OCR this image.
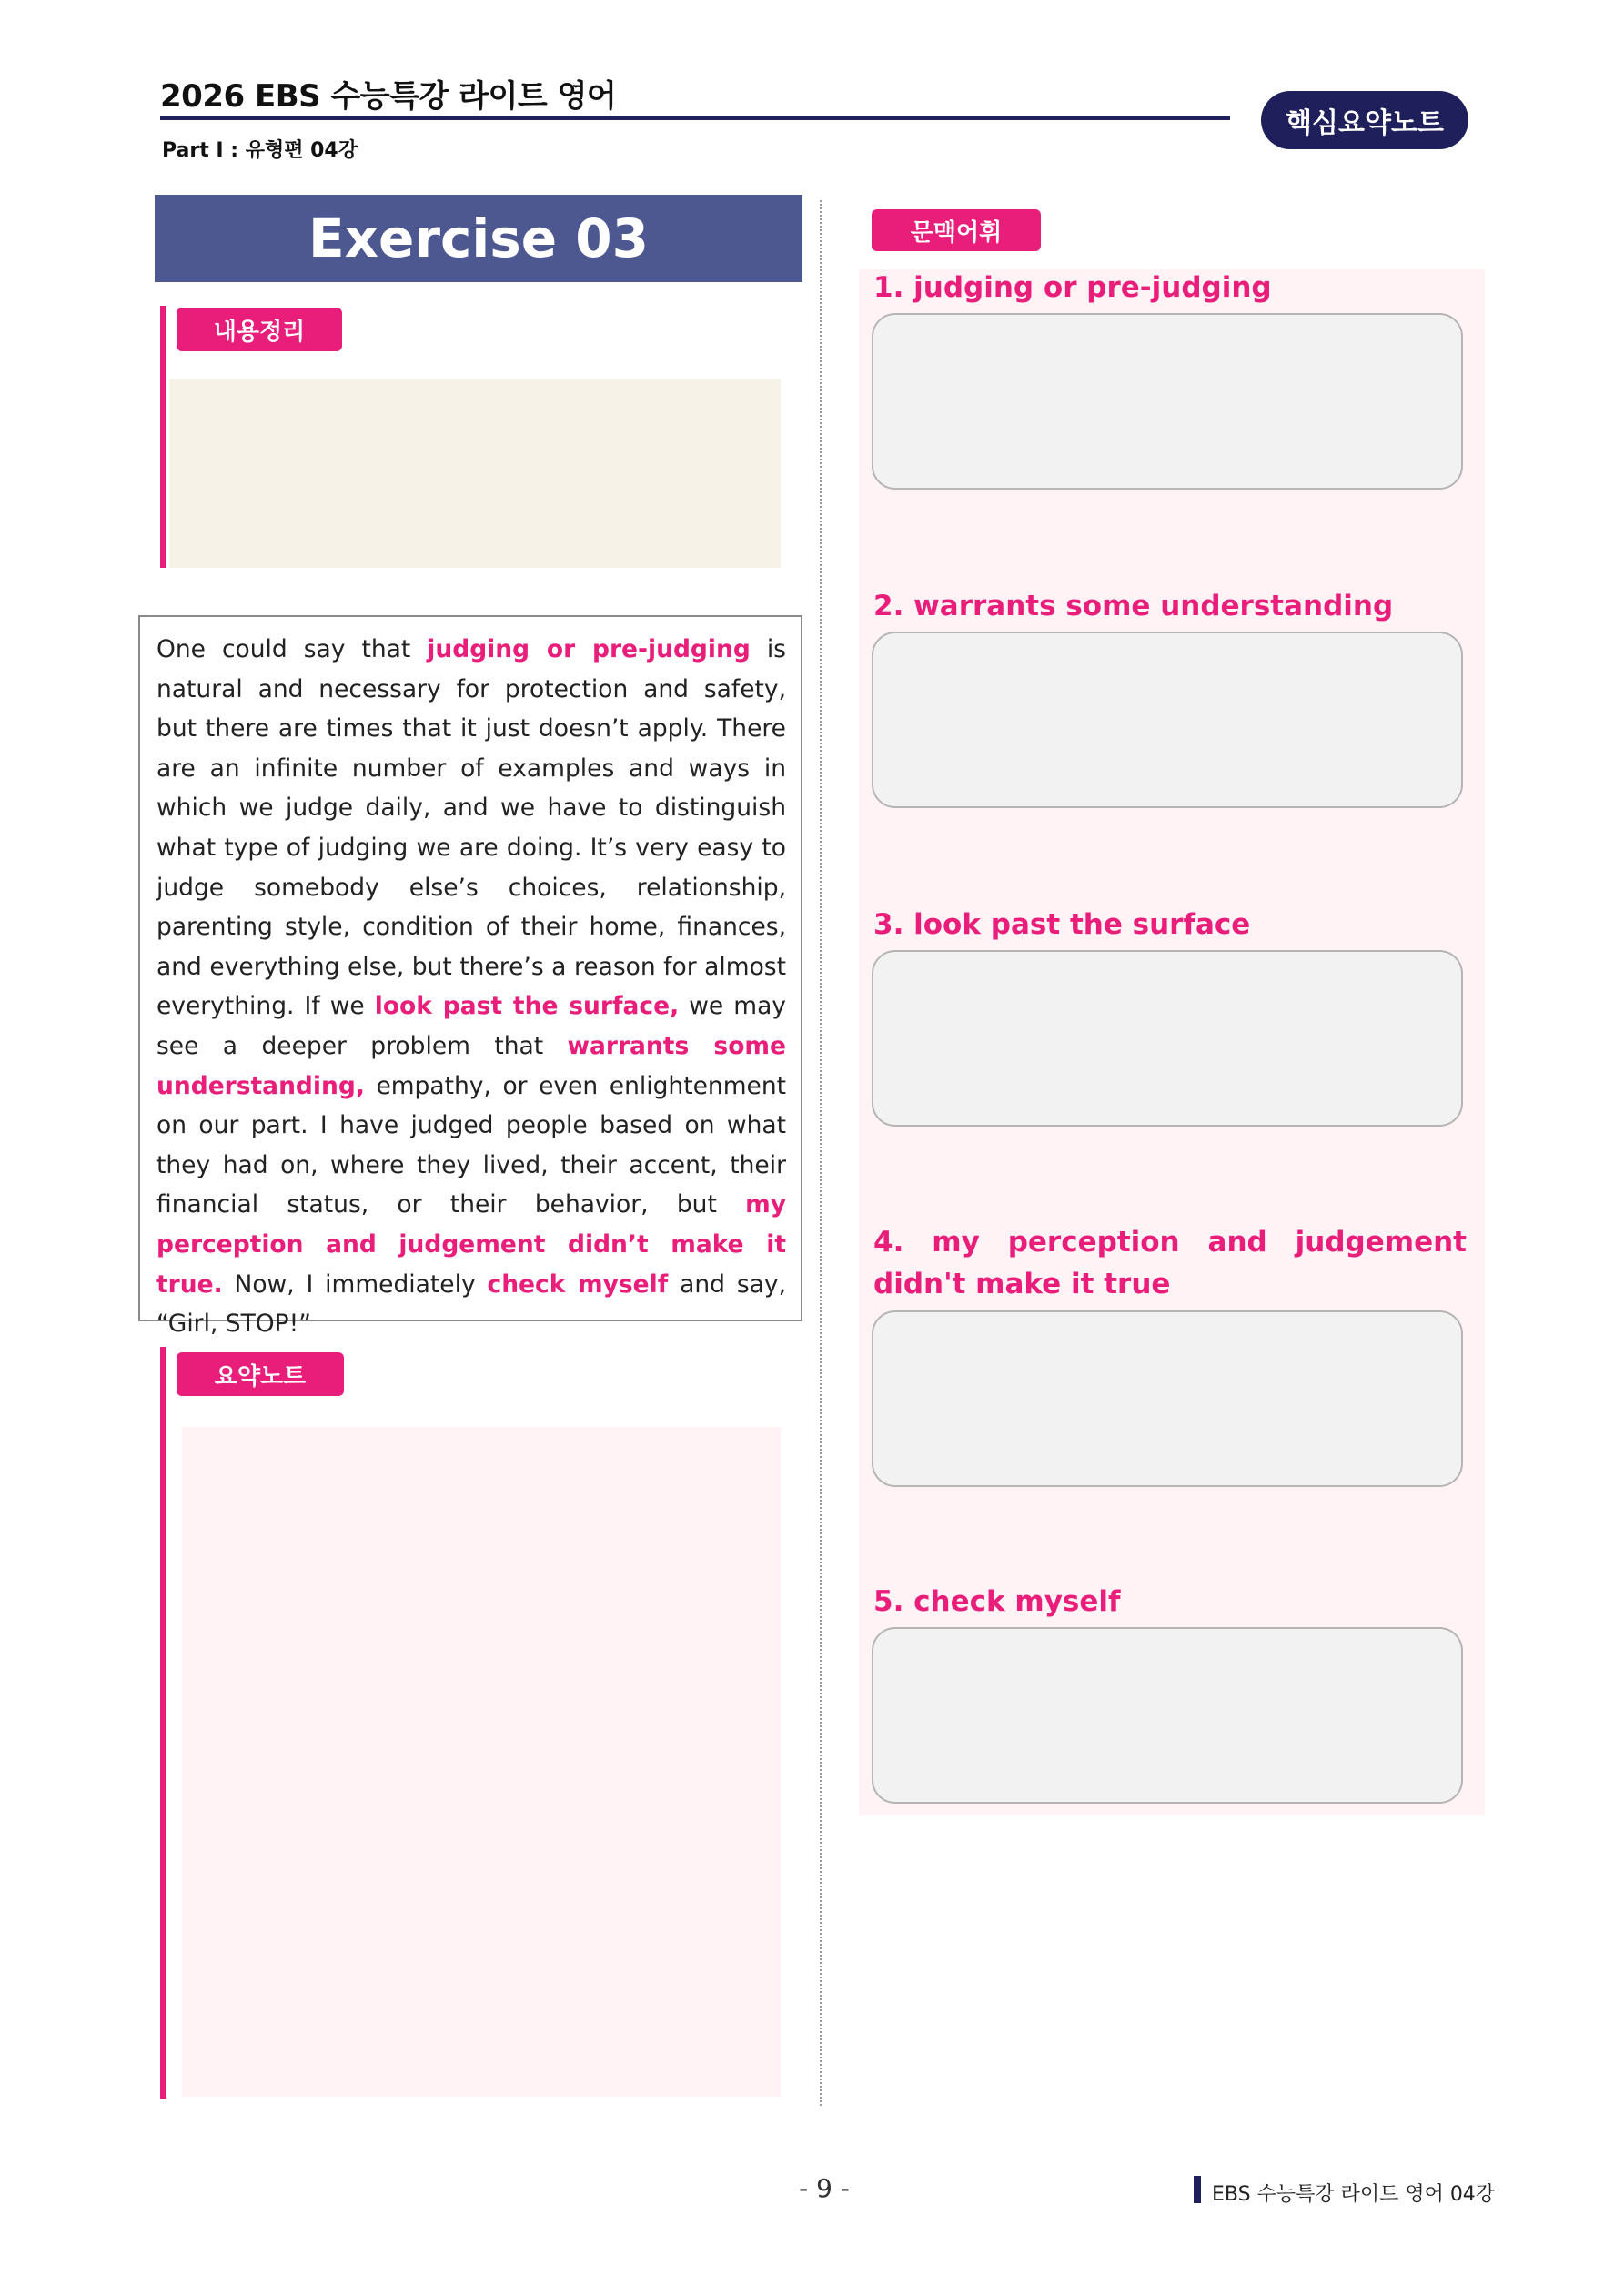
2026 EBS 수능특강 라이트 영어
Part Ⅰ : 유형편 04강
핵심요약노트
Exercise 03
내용정리
One could say that judging or pre-judging is natural and necessary for protection and safety, but there are times that it just doesn’t apply. There are an infinite number of examples and ways in which we judge daily, and we have to distinguish what type of judging we are doing. It’s very easy to judge somebody else’s choices, relationship, parenting style, condition of their home, finances, and everything else, but there’s a reason for almost everything. If we look past the surface, we may see a deeper problem that warrants some understanding, empathy, or even enlightenment on our part. I have judged people based on what they had on, where they lived, their accent, their financial status, or their behavior, but my perception and judgement didn’t make it true. Now, I immediately check myself and say, “Girl, STOP!”
요약노트
문맥어휘
1. judging or pre-judging
2. warrants some understanding
3. look past the surface
4. my perception and judgement didn't make it true
5. check myself
- 9 -	EBS 수능특강 라이트 영어 04강
